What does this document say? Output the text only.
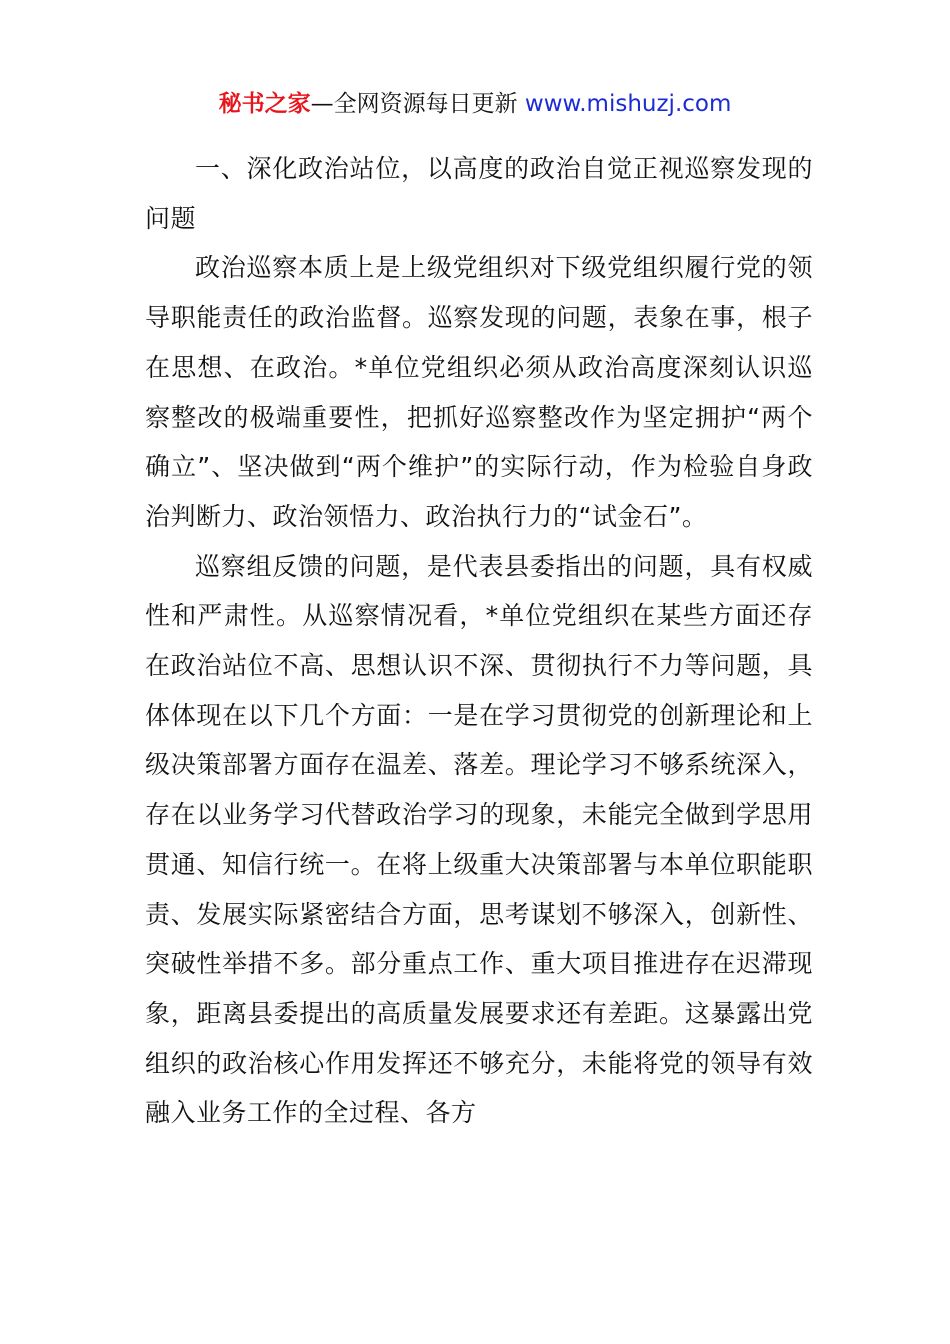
秘书之家—全网资源每日更新 www.mishuzj.com

一、深化政治站位，以高度的政治自觉正视巡察发现的问题

政治巡察本质上是上级党组织对下级党组织履行党的领导职能责任的政治监督。巡察发现的问题，表象在事，根子在思想、在政治。*单位党组织必须从政治高度深刻认识巡察整改的极端重要性，把抓好巡察整改作为坚定拥护“两个确立”、坚决做到“两个维护”的实际行动，作为检验自身政治判断力、政治领悟力、政治执行力的“试金石”。

巡察组反馈的问题，是代表县委指出的问题，具有权威性和严肃性。从巡察情况看，*单位党组织在某些方面还存在政治站位不高、思想认识不深、贯彻执行不力等问题，具体体现在以下几个方面：一是在学习贯彻党的创新理论和上级决策部署方面存在温差、落差。理论学习不够系统深入，存在以业务学习代替政治学习的现象，未能完全做到学思用贯通、知信行统一。在将上级重大决策部署与本单位职能职责、发展实际紧密结合方面，思考谋划不够深入，创新性、突破性举措不多。部分重点工作、重大项目推进存在迟滞现象，距离县委提出的高质量发展要求还有差距。这暴露出党组织的政治核心作用发挥还不够充分，未能将党的领导有效融入业务工作的全过程、各方
